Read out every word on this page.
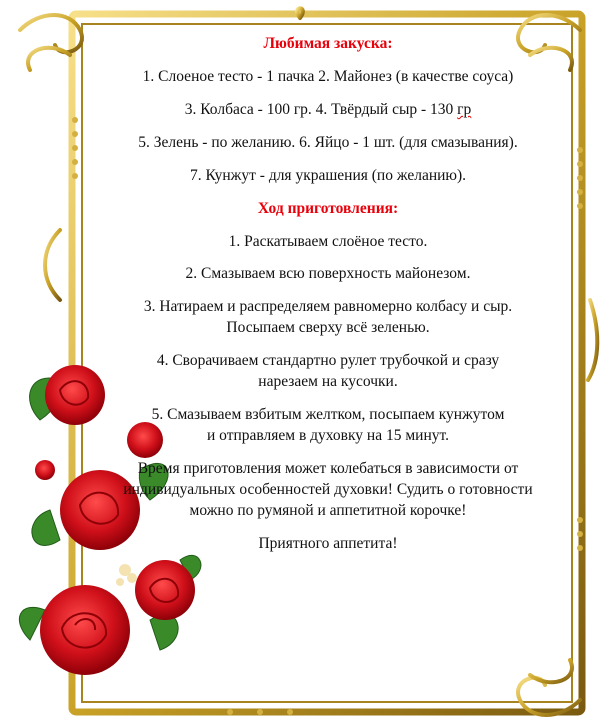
Любимая закуска:

1. Слоеное тесто - 1 пачка 2. Майонез (в качестве соуса)

3. Колбаса - 100 гр. 4. Твёрдый сыр - 130 гр

5. Зелень - по желанию. 6. Яйцо - 1 шт. (для смазывания).

7. Кунжут - для украшения (по желанию).

Ход приготовления:

1. Раскатываем слоёное тесто.

2. Смазываем всю поверхность майонезом.

3. Натираем и распределяем равномерно колбасу и сыр. Посыпаем сверху всё зеленью.

4. Сворачиваем стандартно рулет трубочкой и сразу нарезаем на кусочки.

5. Смазываем взбитым желтком, посыпаем кунжутом и отправляем в духовку на 15 минут.

Время приготовления может колебаться в зависимости от индивидуальных особенностей духовки! Судить о готовности можно по румяной и аппетитной корочке!

Приятного аппетита!
